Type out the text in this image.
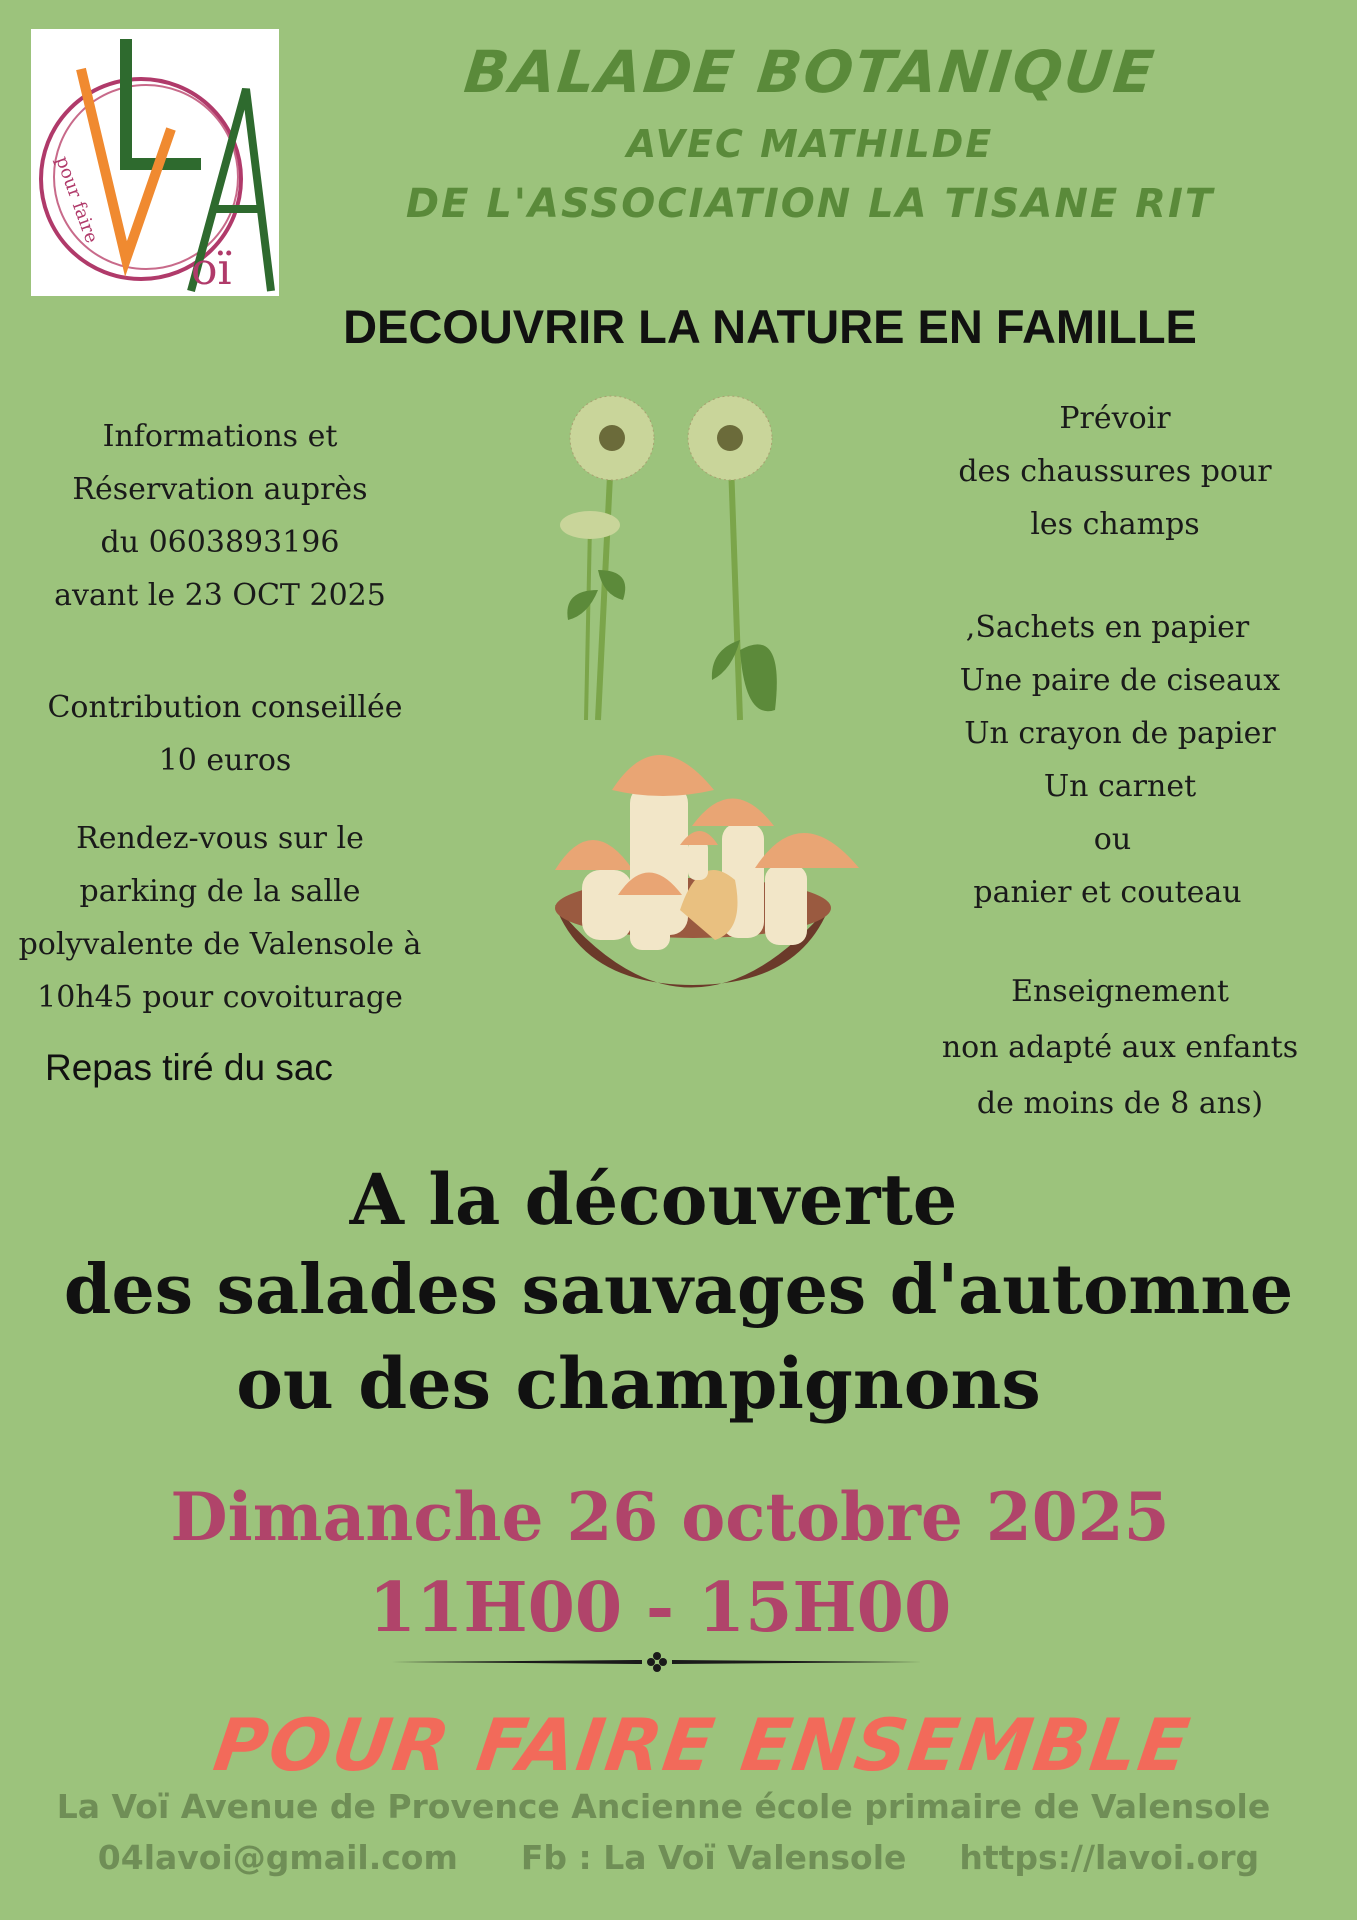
oï
pour faire
BALADE BOTANIQUE
AVEC MATHILDE
DE L'ASSOCIATION LA TISANE RIT
DECOUVRIR LA NATURE EN FAMILLE
Informations et
Réservation auprès
du 0603893196
avant le 23 OCT 2025
Contribution conseillée
10 euros
Rendez-vous sur le
parking de la salle
polyvalente de Valensole à
10h45 pour covoiturage
Repas tiré du sac
Prévoir
des chaussures pour
les champs
,Sachets en papier
Une paire de ciseaux
Un crayon de papier
Un carnet
ou
panier et couteau
Enseignement
non adapté aux enfants
de moins de 8 ans)
A la découverte
des salades sauvages d'automne
ou des champignons
Dimanche 26 octobre 2025
11H00 - 15H00
POUR FAIRE ENSEMBLE
La Voï Avenue de Provence Ancienne école primaire de Valensole
04lavoi@gmail.com Fb : La Voï Valensole https://lavoi.org
